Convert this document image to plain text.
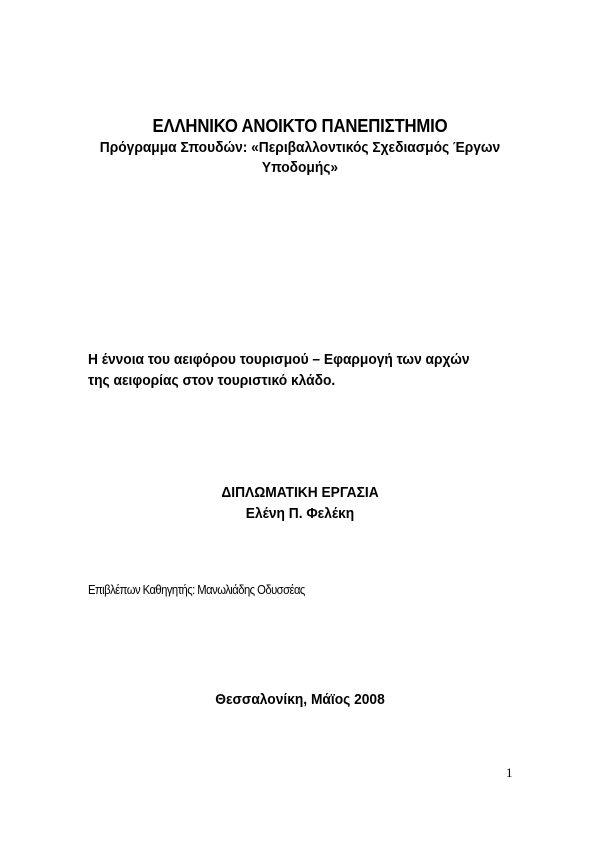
ΕΛΛΗΝΙΚΟ ΑΝΟΙΚΤΟ ΠΑΝΕΠΙΣΤΗΜΙΟ
Πρόγραμμα Σπουδών: «Περιβαλλοντικός Σχεδιασμός Έργων
Υποδομής»
Η έννοια του αειφόρου τουρισμού – Εφαρμογή των αρχών
της αειφορίας στον τουριστικό κλάδο.
ΔΙΠΛΩΜΑΤΙΚΗ ΕΡΓΑΣΙΑ
Ελένη Π. Φελέκη
Επιβλέπων Καθηγητής: Μανωλιάδης Οδυσσέας
Θεσσαλονίκη, Μάϊος 2008
1
